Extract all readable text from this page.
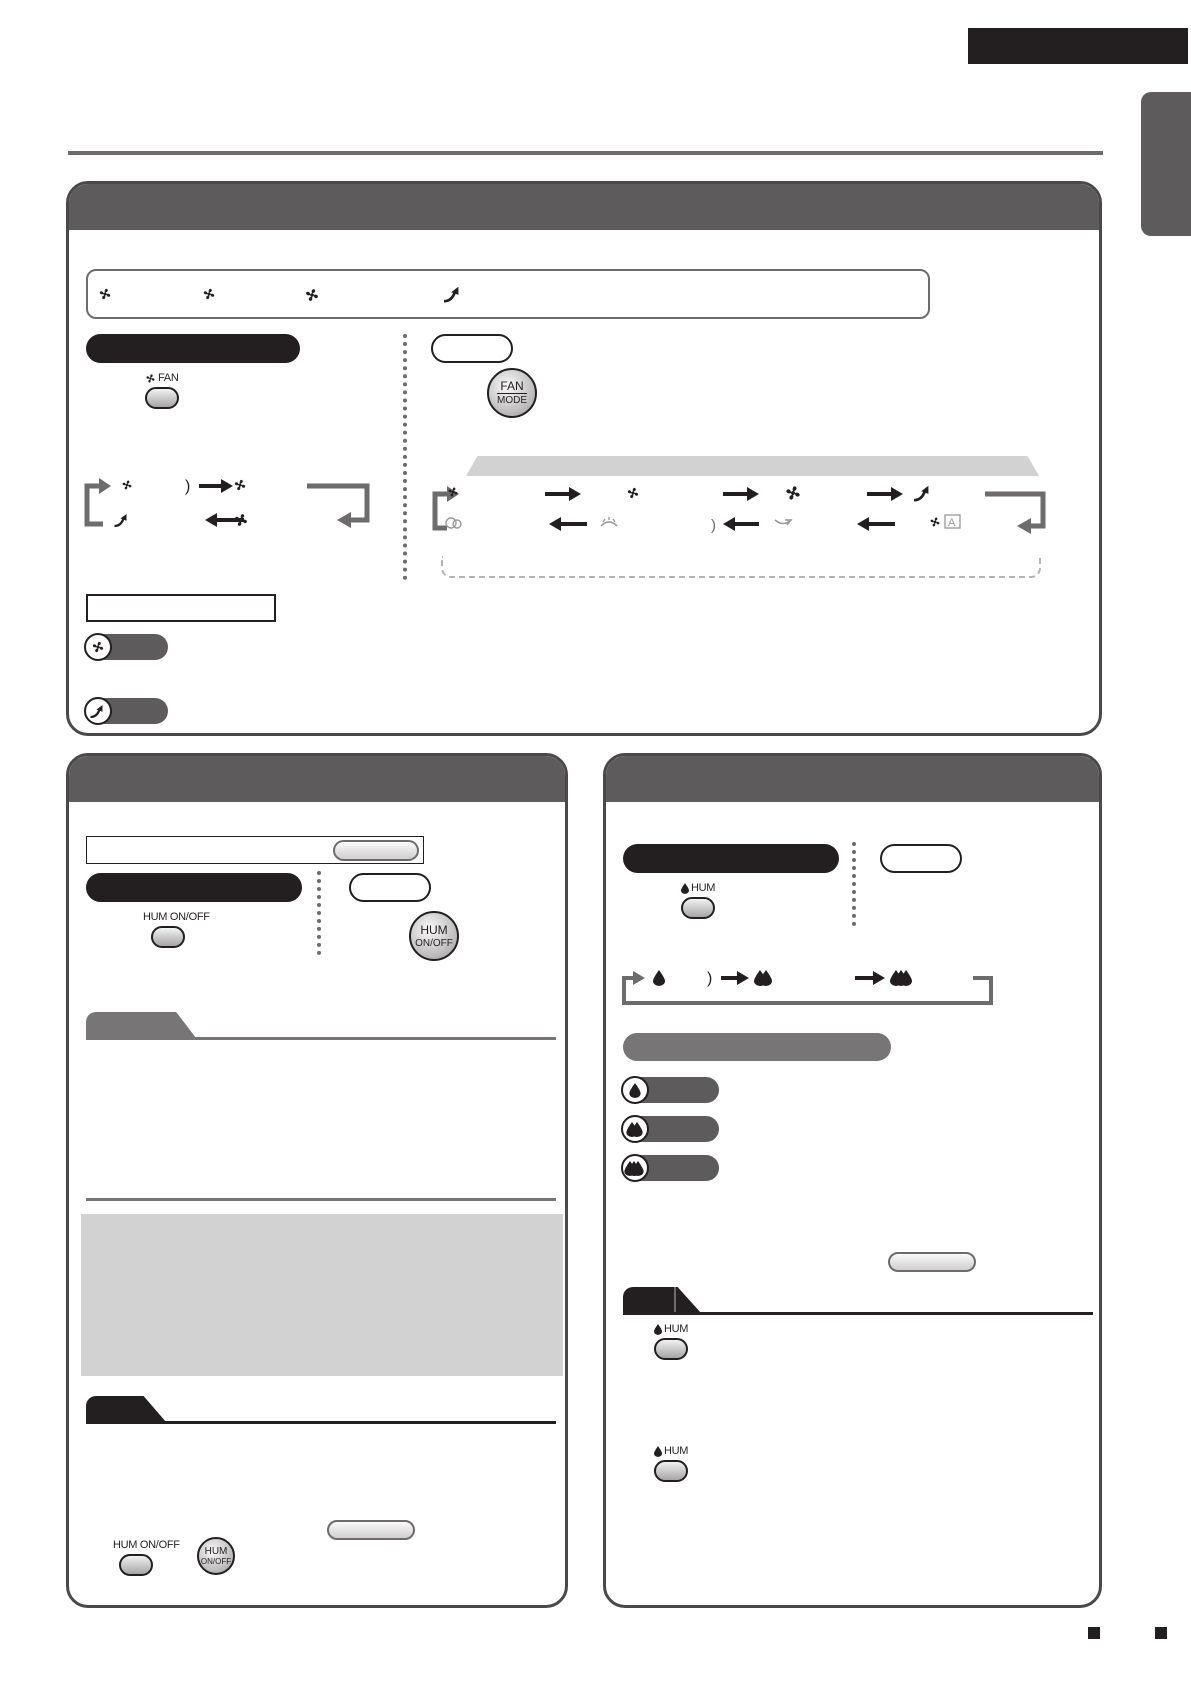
FAN
)
FAN
MODE
)	A
HUM ON/OFF
HUM
ON/OFF
HUM ON/OFF HUM
ON/OFF
HUM
)
HUM
HUM
